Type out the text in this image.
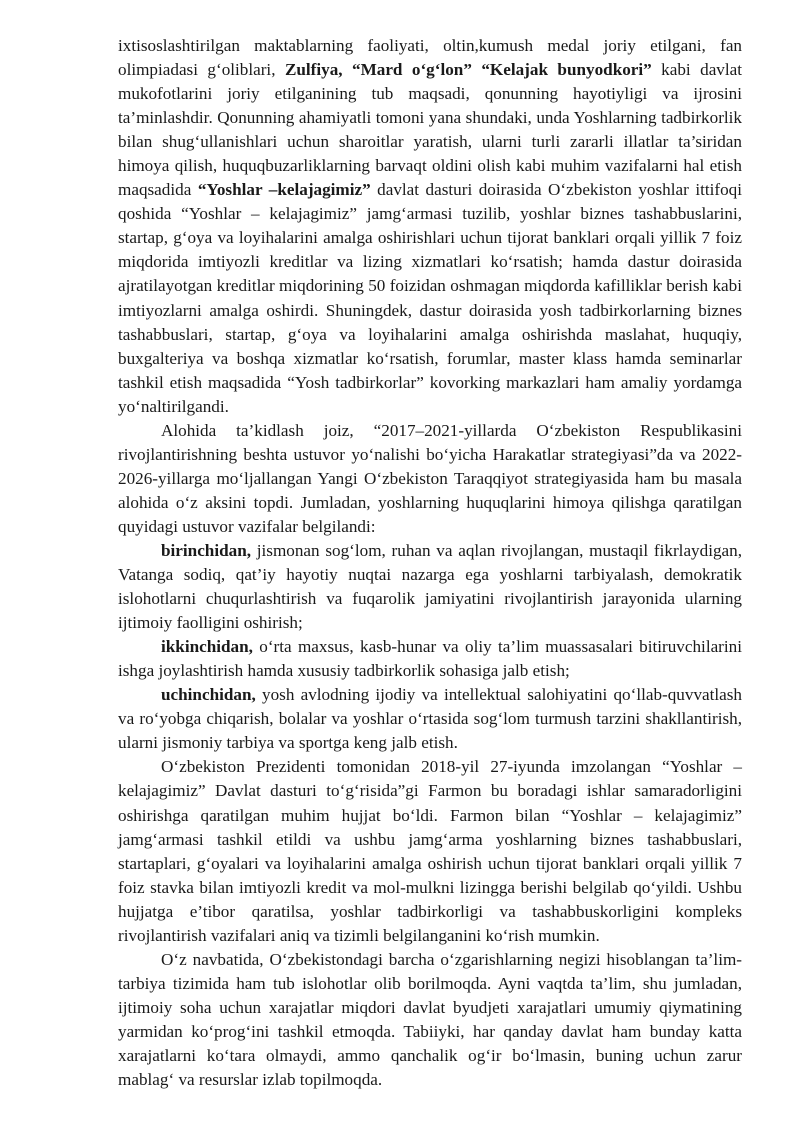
ixtisoslashtirilgan maktablarning faoliyati, oltin,kumush medal joriy etilgani, fan olimpiadasi g‘oliblari, Zulfiya, “Mard o‘g‘lon” “Kelajak bunyodkori” kabi davlat mukofotlarini joriy etilganining tub maqsadi, qonunning hayotiyligi va ijrosini ta’minlashdir. Qonunning ahamiyatli tomoni yana shundaki, unda Yoshlarning tadbirkorlik bilan shug‘ullanishlari uchun sharoitlar yaratish, ularni turli zararli illatlar ta’siridan himoya qilish, huquqbuzarliklarning barvaqt oldini olish kabi muhim vazifalarni hal etish maqsadida “Yoshlar –kelajagimiz” davlat dasturi doirasida O‘zbekiston yoshlar ittifoqi qoshida “Yoshlar – kelajagimiz” jamg‘armasi tuzilib, yoshlar biznes tashabbuslarini, startap, g‘oya va loyihalarini amalga oshirishlari uchun tijorat banklari orqali yillik 7 foiz miqdorida imtiyozli kreditlar va lizing xizmatlari ko‘rsatish; hamda dastur doirasida ajratilayotgan kreditlar miqdorining 50 foizidan oshmagan miqdorda kafilliklar berish kabi imtiyozlarni amalga oshirdi. Shuningdek, dastur doirasida yosh tadbirkorlarning biznes tashabbuslari, startap, g‘oya va loyihalarini amalga oshirishda maslahat, huquqiy, buxgalteriya va boshqa xizmatlar ko‘rsatish, forumlar, master klass hamda seminarlar tashkil etish maqsadida “Yosh tadbirkorlar” kovorking markazlari ham amaliy yordamga yo‘naltirilgandi.

Alohida ta’kidlash joiz, “2017–2021-yillarda O‘zbekiston Respublikasini rivojlantirishning beshta ustuvor yo‘nalishi bo‘yicha Harakatlar strategiyasi”da va 2022-2026-yillarga mo‘ljallangan Yangi O‘zbekiston Taraqqiyot strategiyasida ham bu masala alohida o‘z aksini topdi. Jumladan, yoshlarning huquqlarini himoya qilishga qaratilgan quyidagi ustuvor vazifalar belgilandi:

birinchidan, jismonan sog‘lom, ruhan va aqlan rivojlangan, mustaqil fikrlaydigan, Vatanga sodiq, qat’iy hayotiy nuqtai nazarga ega yoshlarni tarbiyalash, demokratik islohotlarni chuqurlashtirish va fuqarolik jamiyatini rivojlantirish jarayonida ularning ijtimoiy faolligini oshirish;

ikkinchidan, o‘rta maxsus, kasb-hunar va oliy ta’lim muassasalari bitiruvchilarini ishga joylashtirish hamda xususiy tadbirkorlik sohasiga jalb etish;

uchinchidan, yosh avlodning ijodiy va intellektual salohiyatini qo‘llab-quvvatlash va ro‘yobga chiqarish, bolalar va yoshlar o‘rtasida sog‘lom turmush tarzini shakllantirish, ularni jismoniy tarbiya va sportga keng jalb etish.

O‘zbekiston Prezidenti tomonidan 2018-yil 27-iyunda imzolangan “Yoshlar – kelajagimiz” Davlat dasturi to‘g‘risida”gi Farmon bu boradagi ishlar samaradorligini oshirishga qaratilgan muhim hujjat bo‘ldi. Farmon bilan “Yoshlar – kelajagimiz” jamg‘armasi tashkil etildi va ushbu jamg‘arma yoshlarning biznes tashabbuslari, startaplari, g‘oyalari va loyihalarini amalga oshirish uchun tijorat banklari orqali yillik 7 foiz stavka bilan imtiyozli kredit va mol-mulkni lizingga berishi belgilab qo‘yildi. Ushbu hujjatga e’tibor qaratilsa, yoshlar tadbirkorligi va tashabbuskorligini kompleks rivojlantirish vazifalari aniq va tizimli belgilanganini ko‘rish mumkin.

O‘z navbatida, O‘zbekistondagi barcha o‘zgarishlarning negizi hisoblangan ta’lim-tarbiya tizimida ham tub islohotlar olib borilmoqda. Ayni vaqtda ta’lim, shu jumladan, ijtimoiy soha uchun xarajatlar miqdori davlat byudjeti xarajatlari umumiy qiymatining yarmidan ko‘prog‘ini tashkil etmoqda. Tabiiyki, har qanday davlat ham bunday katta xarajatlarni ko‘tara olmaydi, ammo qanchalik og‘ir bo‘lmasin, buning uchun zarur mablag‘ va resurslar izlab topilmoqda.
